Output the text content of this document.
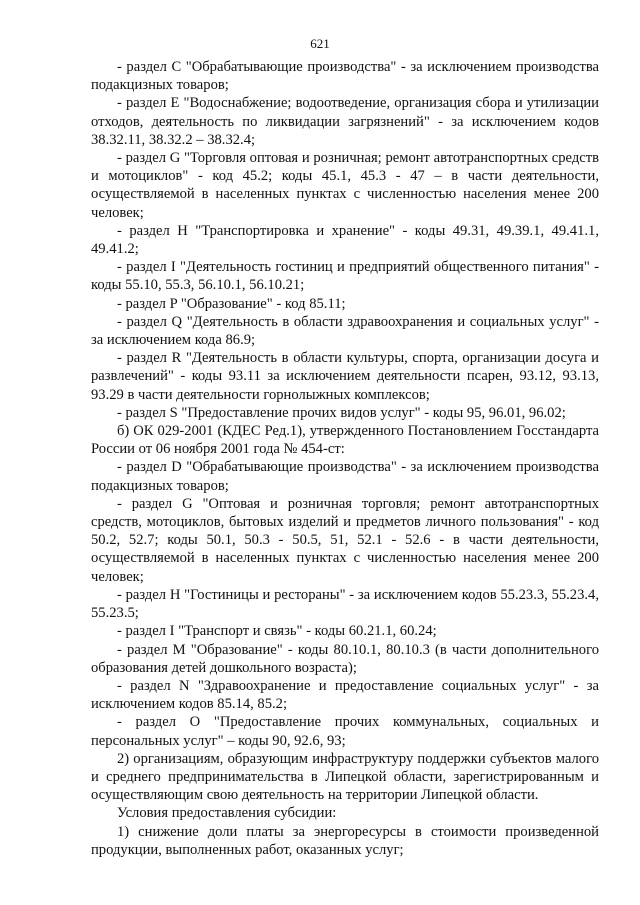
621

- раздел C "Обрабатывающие производства" - за исключением производства подакцизных товаров;

- раздел E "Водоснабжение; водоотведение, организация сбора и утилизации отходов, деятельность по ликвидации загрязнений" - за исключением кодов 38.32.11, 38.32.2 – 38.32.4;

- раздел G "Торговля оптовая и розничная; ремонт автотранспортных средств и мотоциклов" - код 45.2; коды 45.1, 45.3 - 47 – в части деятельности, осуществляемой в населенных пунктах с численностью населения менее 200 человек;

- раздел H "Транспортировка и хранение" - коды 49.31, 49.39.1, 49.41.1, 49.41.2;

- раздел I "Деятельность гостиниц и предприятий общественного питания" - коды 55.10, 55.3, 56.10.1, 56.10.21;

- раздел P "Образование" - код 85.11;

- раздел Q "Деятельность в области здравоохранения и социальных услуг" - за исключением кода 86.9;

- раздел R "Деятельность в области культуры, спорта, организации досуга и развлечений" - коды 93.11 за исключением деятельности псарен, 93.12, 93.13, 93.29 в части деятельности горнолыжных комплексов;

- раздел S "Предоставление прочих видов услуг" - коды 95, 96.01, 96.02;

б) ОК 029-2001 (КДЕС Ред.1), утвержденного Постановлением Госстандарта России от 06 ноября 2001 года № 454-ст:

- раздел D "Обрабатывающие производства" - за исключением производства подакцизных товаров;

- раздел G "Оптовая и розничная торговля; ремонт автотранспортных средств, мотоциклов, бытовых изделий и предметов личного пользования" - код 50.2, 52.7; коды 50.1, 50.3 - 50.5, 51, 52.1 - 52.6 - в части деятельности, осуществляемой в населенных пунктах с численностью населения менее 200 человек;

- раздел H "Гостиницы и рестораны" - за исключением кодов 55.23.3, 55.23.4, 55.23.5;

- раздел I "Транспорт и связь" - коды 60.21.1, 60.24;

- раздел M "Образование" - коды 80.10.1, 80.10.3 (в части дополнительного образования детей дошкольного возраста);

- раздел N "Здравоохранение и предоставление социальных услуг" - за исключением кодов 85.14, 85.2;

- раздел O "Предоставление прочих коммунальных, социальных и персональных услуг" – коды 90, 92.6, 93;

2) организациям, образующим инфраструктуру поддержки субъектов малого и среднего предпринимательства в Липецкой области, зарегистрированным и осуществляющим свою деятельность на территории Липецкой области.

Условия предоставления субсидии:

1) снижение доли платы за энергоресурсы в стоимости произведенной продукции, выполненных работ, оказанных услуг;
